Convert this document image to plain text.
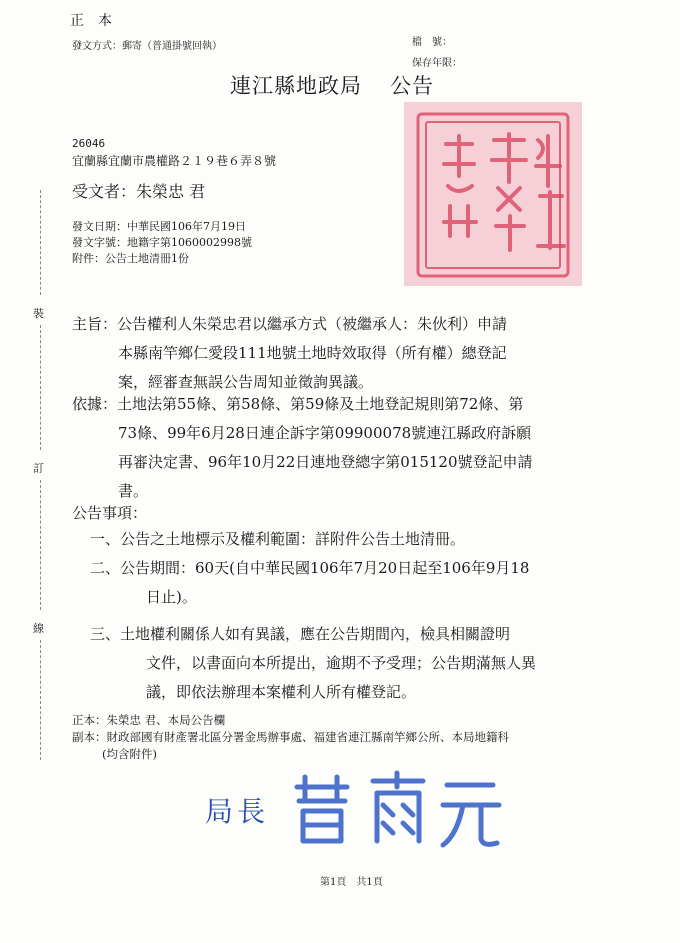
正本
發文方式：郵寄（普通掛號回執）	檔　號：
保存年限：
連江縣地政局 公告
26046
宜蘭縣宜蘭市農權路２１９巷６弄８號
受文者：朱榮忠 君
發文日期：中華民國106年7月19日
發文字號：地籍字第1060002998號
附件：公告土地清冊1份
裝
訂
線
主旨：公告權利人朱榮忠君以繼承方式（被繼承人：朱伙利）申請
本縣南竿鄉仁愛段111地號土地時效取得（所有權）總登記
案，經審查無誤公告周知並徵詢異議。
依據：土地法第55條、第58條、第59條及土地登記規則第72條、第
73條、99年6月28日連企訴字第09900078號連江縣政府訴願
再審決定書、96年10月22日連地登總字第015120號登記申請
書。
公告事項：
一、公告之土地標示及權利範圍：詳附件公告土地清冊。
二、公告期間：60天(自中華民國106年7月20日起至106年9月18
日止)。
三、土地權利關係人如有異議，應在公告期間內，檢具相關證明
文件，以書面向本所提出，逾期不予受理；公告期滿無人異
議，即依法辦理本案權利人所有權登記。
正本：朱榮忠 君、本局公告欄
副本：財政部國有財產署北區分署金馬辦事處、福建省連江縣南竿鄉公所、本局地籍科
(均含附件)
局長
第1頁　共1頁
